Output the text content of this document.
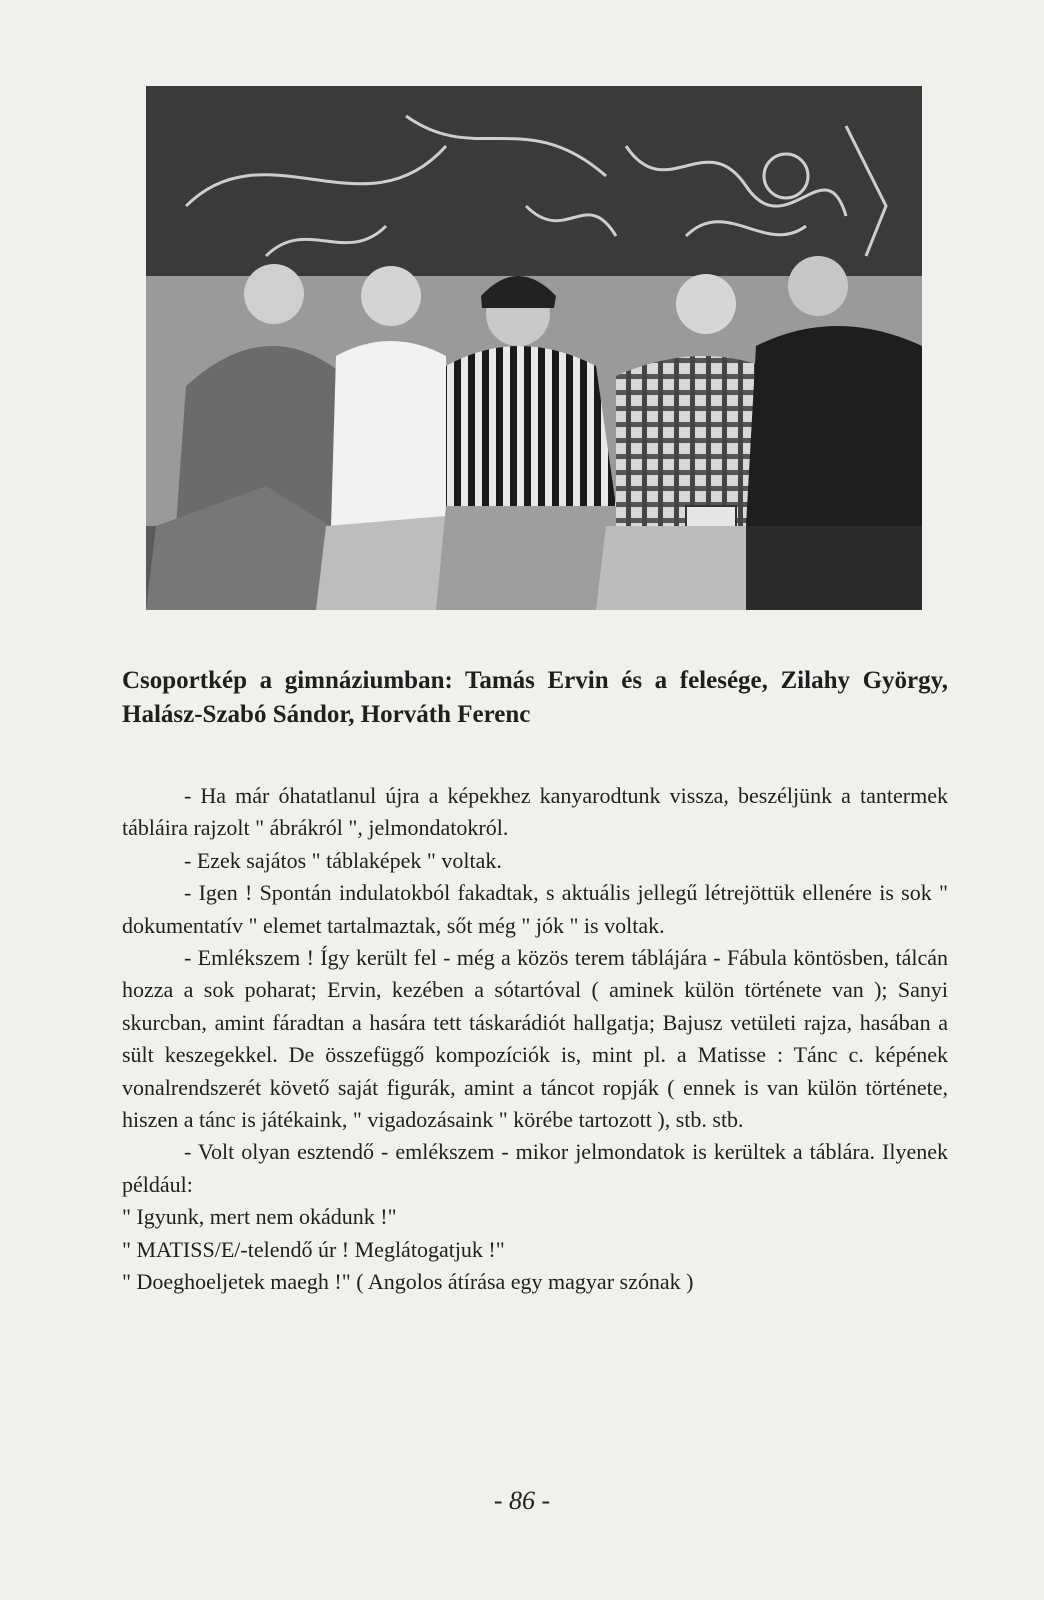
Csoportkép a gimnáziumban: Tamás Ervin és a felesége, Zilahy György, Halász-Szabó Sándor, Horváth Ferenc

- Ha már óhatatlanul újra a képekhez kanyarodtunk vissza, beszéljünk a tantermek tábláira rajzolt " ábrákról ", jelmondatokról.

- Ezek sajátos " táblaképek " voltak.

- Igen ! Spontán indulatokból fakadtak, s aktuális jellegű létrejöttük ellenére is sok " dokumentatív " elemet tartalmaztak, sőt még " jók " is voltak.

- Emlékszem ! Így került fel - még a közös terem táblájára - Fábula köntösben, tálcán hozza a sok poharat; Ervin, kezében a sótartóval ( aminek külön története van ); Sanyi skurcban, amint fáradtan a hasára tett táskarádiót hallgatja; Bajusz vetületi rajza, hasában a sült keszegekkel. De összefüggő kompozíciók is, mint pl. a Matisse : Tánc c. képének vonalrendszerét követő saját figurák, amint a táncot ropják ( ennek is van külön története, hiszen a tánc is játékaink, " vigadozásaink " körébe tartozott ), stb. stb.

- Volt olyan esztendő - emlékszem - mikor jelmondatok is kerültek a táblára. Ilyenek például:

" Igyunk, mert nem okádunk !"

" MATISS/E/-telendő úr ! Meglátogatjuk !"

" Doeghoeljetek maegh !" ( Angolos átírása egy magyar szónak )

- 86 -
